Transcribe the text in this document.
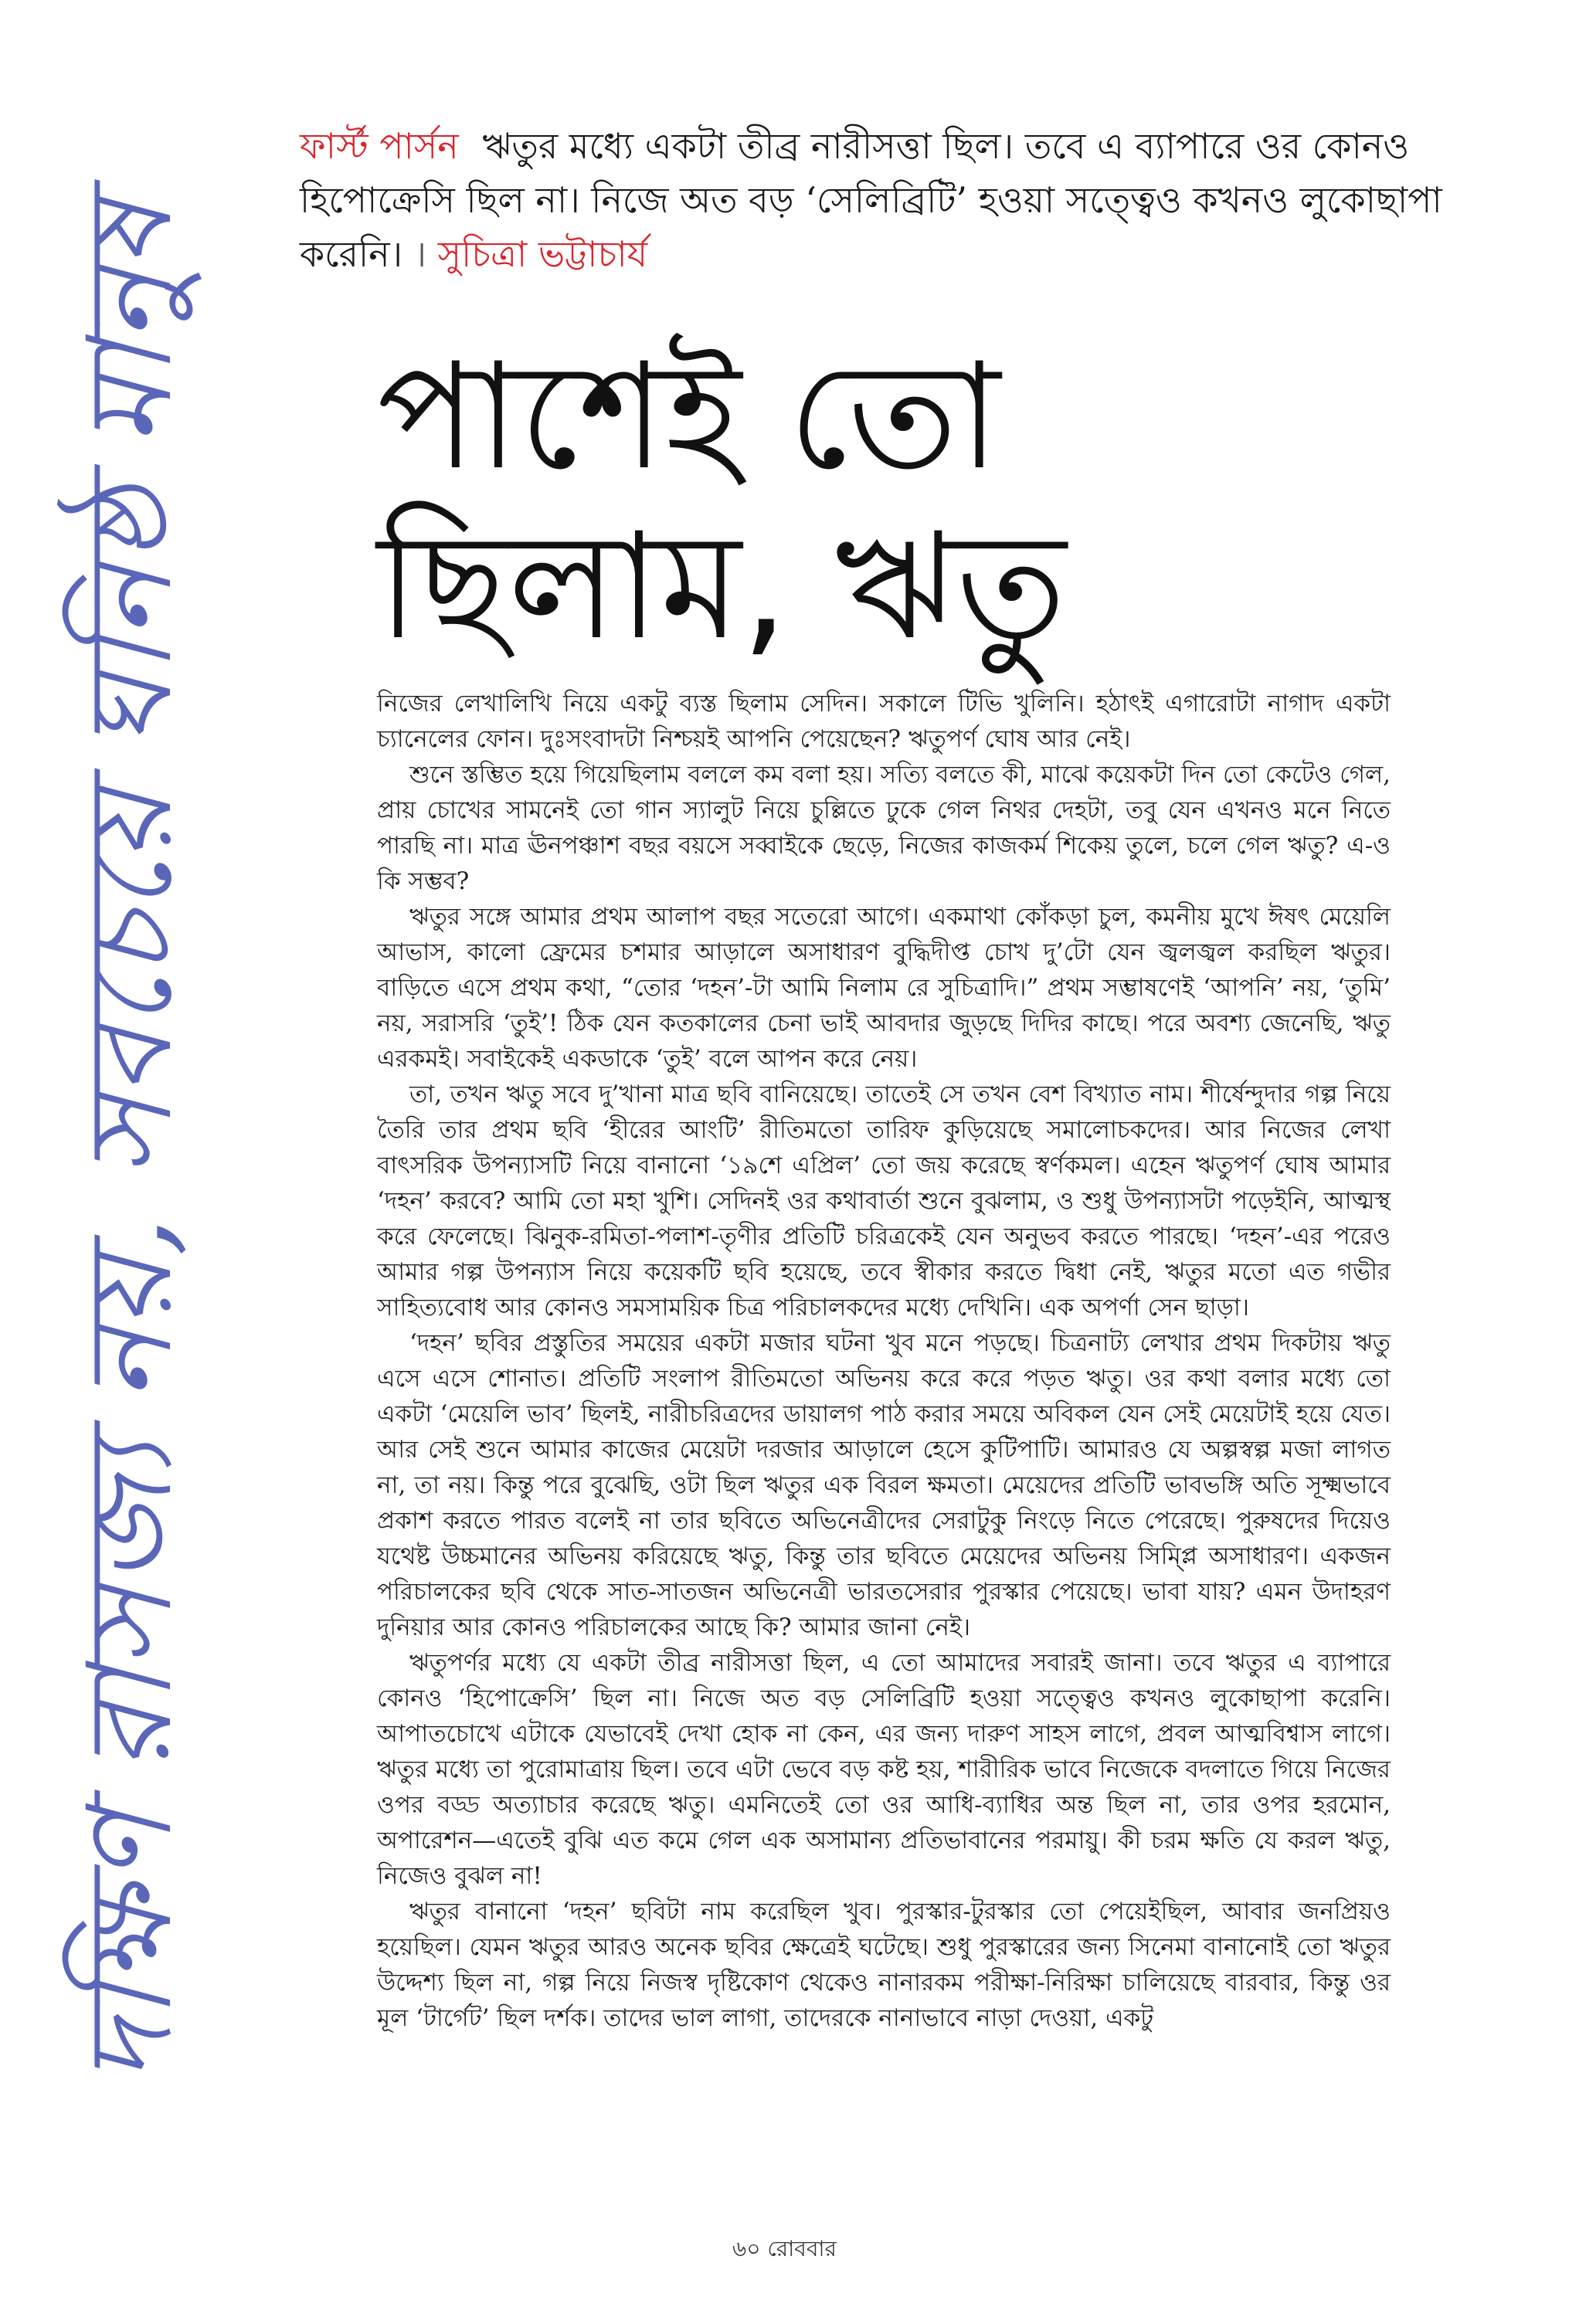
দক্ষিণ রাসজ্য নয়, সবচেয়ে ঘনিষ্ঠ মানুষ
ফার্স্ট পার্সন ঋতুর মধ্যে একটা তীব্র নারীসত্তা ছিল। তবে এ ব্যাপারে ওর কোনও হিপোক্রেসি ছিল না। নিজে অত বড় ‘সেলিব্রিটি’ হওয়া সত্ত্বেও কখনও লুকোছাপা করেনি। । সুচিত্রা ভট্টাচার্য
পাশেই তো
ছিলাম, ঋতু

নিজের লেখালিখি নিয়ে একটু ব্যস্ত ছিলাম সেদিন। সকালে টিভি খুলিনি। হঠাৎই এগারোটা নাগাদ একটা চ্যানেলের ফোন। দুঃসংবাদটা নিশ্চয়ই আপনি পেয়েছেন? ঋতুপর্ণ ঘোষ আর নেই।

শুনে স্তম্ভিত হয়ে গিয়েছিলাম বললে কম বলা হয়। সত্যি বলতে কী, মাঝে কয়েকটা দিন তো কেটেও গেল, প্রায় চোখের সামনেই তো গান স্যালুট নিয়ে চুল্লিতে ঢুকে গেল নিথর দেহটা, তবু যেন এখনও মনে নিতে পারছি না। মাত্র ঊনপঞ্চাশ বছর বয়সে সব্বাইকে ছেড়ে, নিজের কাজকর্ম শিকেয় তুলে, চলে গেল ঋতু? এ-ও কি সম্ভব?

ঋতুর সঙ্গে আমার প্রথম আলাপ বছর সতেরো আগে। একমাথা কোঁকড়া চুল, কমনীয় মুখে ঈষৎ মেয়েলি আভাস, কালো ফ্রেমের চশমার আড়ালে অসাধারণ বুদ্ধিদীপ্ত চোখ দু’টো যেন জ্বলজ্বল করছিল ঋতুর। বাড়িতে এসে প্রথম কথা, “তোর ‘দহন’-টা আমি নিলাম রে সুচিত্রাদি।” প্রথম সম্ভাষণেই ‘আপনি’ নয়, ‘তুমি’ নয়, সরাসরি ‘তুই’! ঠিক যেন কতকালের চেনা ভাই আবদার জুড়ছে দিদির কাছে। পরে অবশ্য জেনেছি, ঋতু এরকমই। সবাইকেই একডাকে ‘তুই’ বলে আপন করে নেয়।

তা, তখন ঋতু সবে দু’খানা মাত্র ছবি বানিয়েছে। তাতেই সে তখন বেশ বিখ্যাত নাম। শীর্ষেন্দুদার গল্প নিয়ে তৈরি তার প্রথম ছবি ‘হীরের আংটি’ রীতিমতো তারিফ কুড়িয়েছে সমালোচকদের। আর নিজের লেখা বাৎসরিক উপন্যাসটি নিয়ে বানানো ‘১৯শে এপ্রিল’ তো জয় করেছে স্বর্ণকমল। এহেন ঋতুপর্ণ ঘোষ আমার ‘দহন’ করবে? আমি তো মহা খুশি। সেদিনই ওর কথাবার্তা শুনে বুঝলাম, ও শুধু উপন্যাসটা পড়েইনি, আত্মস্থ করে ফেলেছে। ঝিনুক-রমিতা-পলাশ-তৃণীর প্রতিটি চরিত্রকেই যেন অনুভব করতে পারছে। ‘দহন’-এর পরেও আমার গল্প উপন্যাস নিয়ে কয়েকটি ছবি হয়েছে, তবে স্বীকার করতে দ্বিধা নেই, ঋতুর মতো এত গভীর সাহিত্যবোধ আর কোনও সমসাময়িক চিত্র পরিচালকদের মধ্যে দেখিনি। এক অপর্ণা সেন ছাড়া।

‘দহন’ ছবির প্রস্তুতির সময়ের একটা মজার ঘটনা খুব মনে পড়ছে। চিত্রনাট্য লেখার প্রথম দিকটায় ঋতু এসে এসে শোনাত। প্রতিটি সংলাপ রীতিমতো অভিনয় করে করে পড়ত ঋতু। ওর কথা বলার মধ্যে তো একটা ‘মেয়েলি ভাব’ ছিলই, নারীচরিত্রদের ডায়ালগ পাঠ করার সময়ে অবিকল যেন সেই মেয়েটাই হয়ে যেত। আর সেই শুনে আমার কাজের মেয়েটা দরজার আড়ালে হেসে কুটিপাটি। আমারও যে অল্পস্বল্প মজা লাগত না, তা নয়। কিন্তু পরে বুঝেছি, ওটা ছিল ঋতুর এক বিরল ক্ষমতা। মেয়েদের প্রতিটি ভাবভঙ্গি অতি সূক্ষ্মভাবে প্রকাশ করতে পারত বলেই না তার ছবিতে অভিনেত্রীদের সেরাটুকু নিংড়ে নিতে পেরেছে। পুরুষদের দিয়েও যথেষ্ট উচ্চমানের অভিনয় করিয়েছে ঋতু, কিন্তু তার ছবিতে মেয়েদের অভিনয় সিম্প্লি অসাধারণ। একজন পরিচালকের ছবি থেকে সাত-সাতজন অভিনেত্রী ভারতসেরার পুরস্কার পেয়েছে। ভাবা যায়? এমন উদাহরণ দুনিয়ার আর কোনও পরিচালকের আছে কি? আমার জানা নেই।

ঋতুপর্ণর মধ্যে যে একটা তীব্র নারীসত্তা ছিল, এ তো আমাদের সবারই জানা। তবে ঋতুর এ ব্যাপারে কোনও ‘হিপোক্রেসি’ ছিল না। নিজে অত বড় সেলিব্রিটি হওয়া সত্ত্বেও কখনও লুকোছাপা করেনি। আপাতচোখে এটাকে যেভাবেই দেখা হোক না কেন, এর জন্য দারুণ সাহস লাগে, প্রবল আত্মবিশ্বাস লাগে। ঋতুর মধ্যে তা পুরোমাত্রায় ছিল। তবে এটা ভেবে বড় কষ্ট হয়, শারীরিক ভাবে নিজেকে বদলাতে গিয়ে নিজের ওপর বড্ড অত্যাচার করেছে ঋতু। এমনিতেই তো ওর আধি-ব্যাধির অন্ত ছিল না, তার ওপর হরমোন, অপারেশন—এতেই বুঝি এত কমে গেল এক অসামান্য প্রতিভাবানের পরমায়ু। কী চরম ক্ষতি যে করল ঋতু, নিজেও বুঝল না!

ঋতুর বানানো ‘দহন’ ছবিটা নাম করেছিল খুব। পুরস্কার-টুরস্কার তো পেয়েইছিল, আবার জনপ্রিয়ও হয়েছিল। যেমন ঋতুর আরও অনেক ছবির ক্ষেত্রেই ঘটেছে। শুধু পুরস্কারের জন্য সিনেমা বানানোই তো ঋতুর উদ্দেশ্য ছিল না, গল্প নিয়ে নিজস্ব দৃষ্টিকোণ থেকেও নানারকম পরীক্ষা-নিরিক্ষা চালিয়েছে বারবার, কিন্তু ওর মূল ‘টার্গেট’ ছিল দর্শক। তাদের ভাল লাগা, তাদেরকে নানাভাবে নাড়া দেওয়া, একটু

৬০ রোববার
